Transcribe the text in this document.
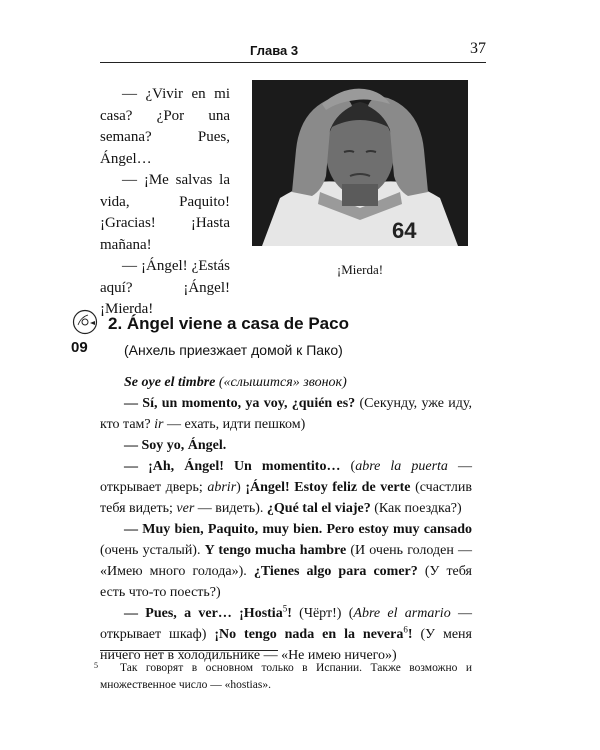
Глава 3	37

— ¿Vivir en mi casa? ¿Por una semana? Pues, Ángel…

— ¡Me salvas la vida, Paquito! ¡Gracias! ¡Hasta mañana!

— ¡Ángel! ¿Estás aquí? ¡Ángel! ¡Mierda!

64
¡Mierda!
09
2. Ángel viene a casa de Paco
(Анхель приезжает домой к Пако)

Se oye el timbre («слышится» звонок)

— Sí, un momento, ya voy, ¿quién es? (Секунду, уже иду, кто там? ir — ехать, идти пешком)

— Soy yo, Ángel.

— ¡Ah, Ángel! Un momentito… (abre la puerta — открывает дверь; abrir) ¡Ángel! Estoy feliz de verte (счастлив тебя видеть; ver — видеть). ¿Qué tal el viaje? (Как поездка?)

— Muy bien, Paquito, muy bien. Pero estoy muy cansado (очень усталый). Y tengo mucha hambre (И очень голоден — «Имею много голода»). ¿Tienes algo para comer? (У тебя есть что-то поесть?)

— Pues, a ver… ¡Hostia$^5$! (Чёрт!) (Abre el armario — открывает шкаф) ¡No tengo nada en la nevera$^6$! (У меня ничего нет в холодильнике — «Не имею ничего»)

5	Так говорят в основном только в Испании. Также возможно и множественное число — «hostias».
